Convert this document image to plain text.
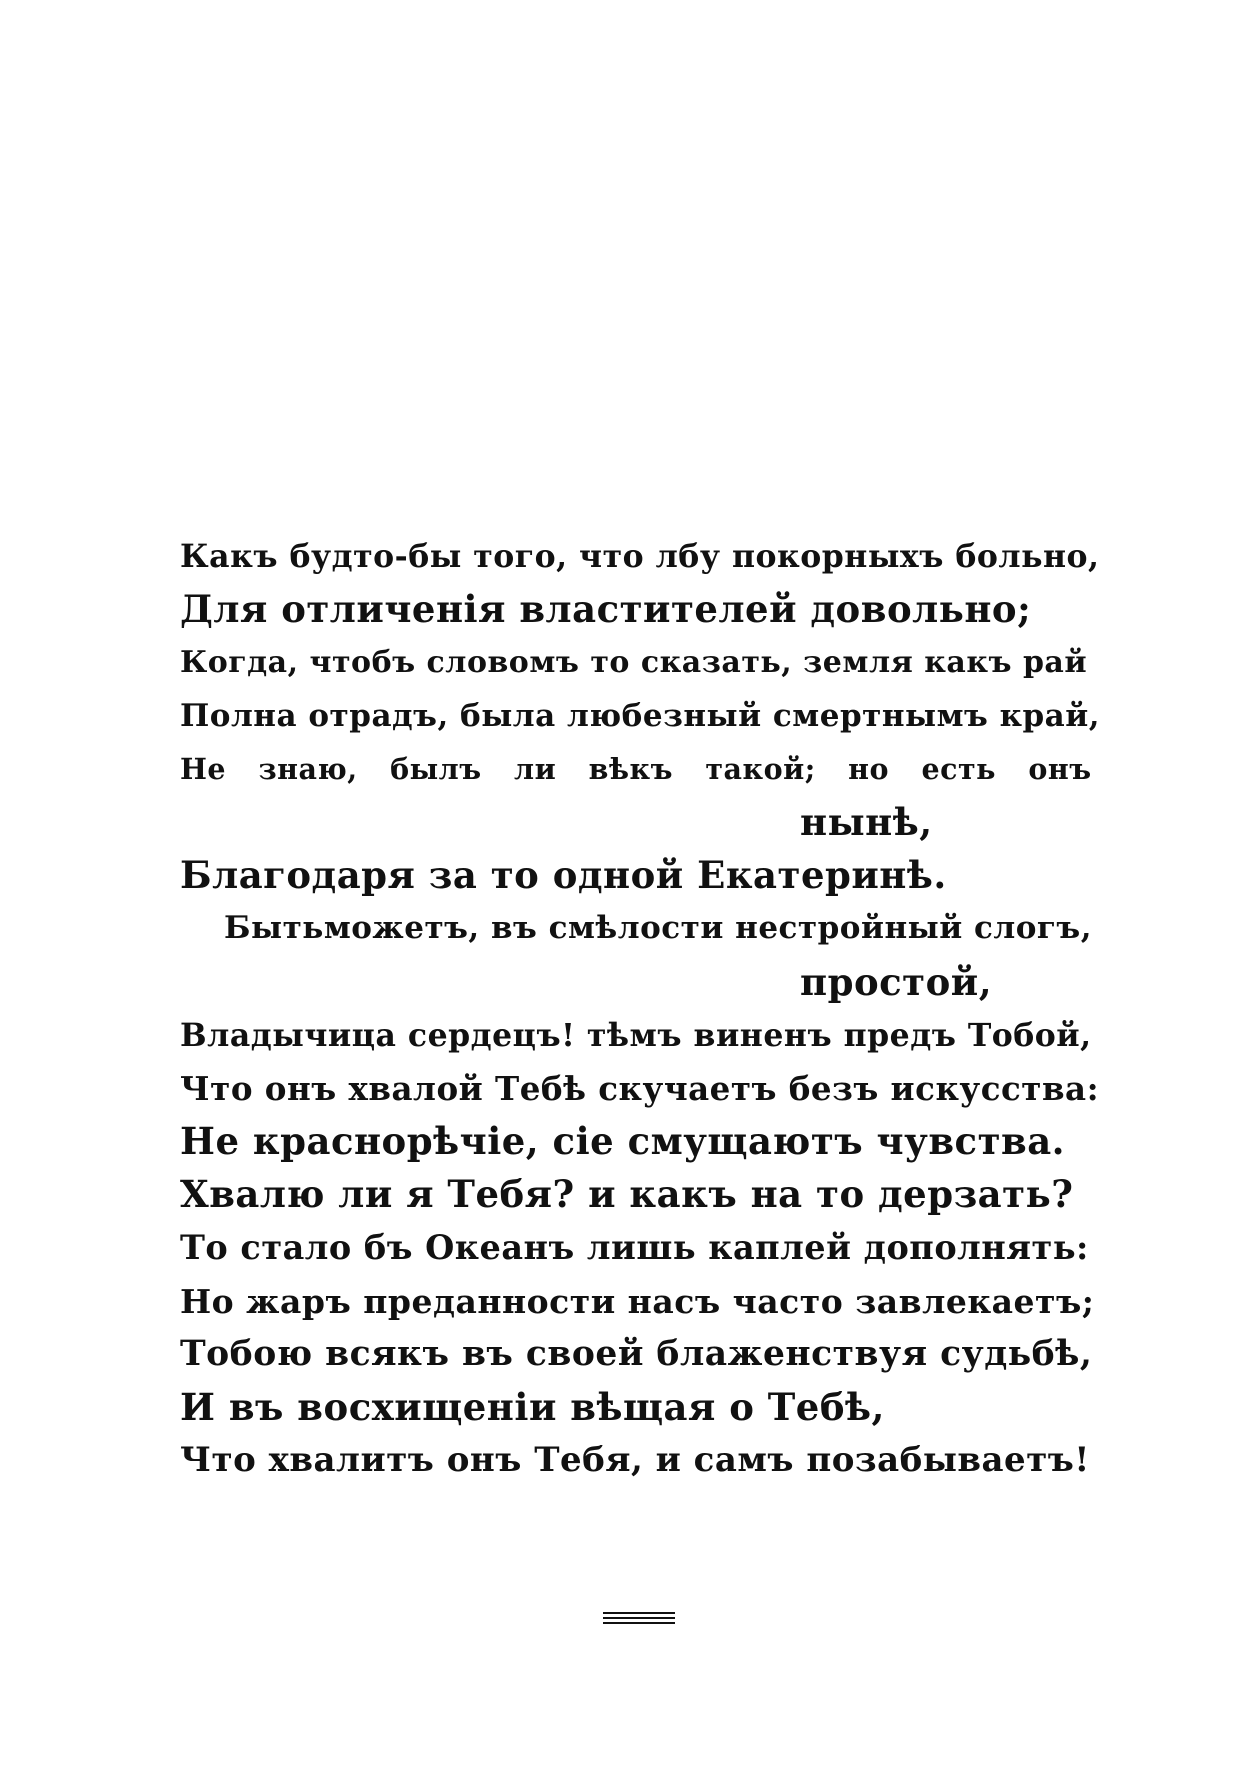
Какъ будто-бы того, что лбу покорныхъ больно,
Для отличенія властителей довольно;
Когда, чтобъ словомъ то сказать, земля какъ рай
Полна отрадъ, была любезный смертнымъ край,
Не знаю, былъ ли вѣкъ такой; но есть онъ
нынѣ,
Благодаря за то одной Екатеринѣ.
Бытьможетъ, въ смѣлости нестройный слогъ,
простой,
Владычица сердецъ! тѣмъ виненъ предъ Тобой,
Что онъ хвалой Тебѣ скучаетъ безъ искусства:
Не краснорѣчіе, сіе смущаютъ чувства.
Хвалю ли я Тебя? и какъ на то дерзать?
То стало бъ Океанъ лишь каплей дополнять:
Но жаръ преданности насъ часто завлекаетъ;
Тобою всякъ въ своей блаженствуя судьбѣ,
И въ восхищеніи вѣщая о Тебѣ,
Что хвалитъ онъ Тебя, и самъ позабываетъ!
